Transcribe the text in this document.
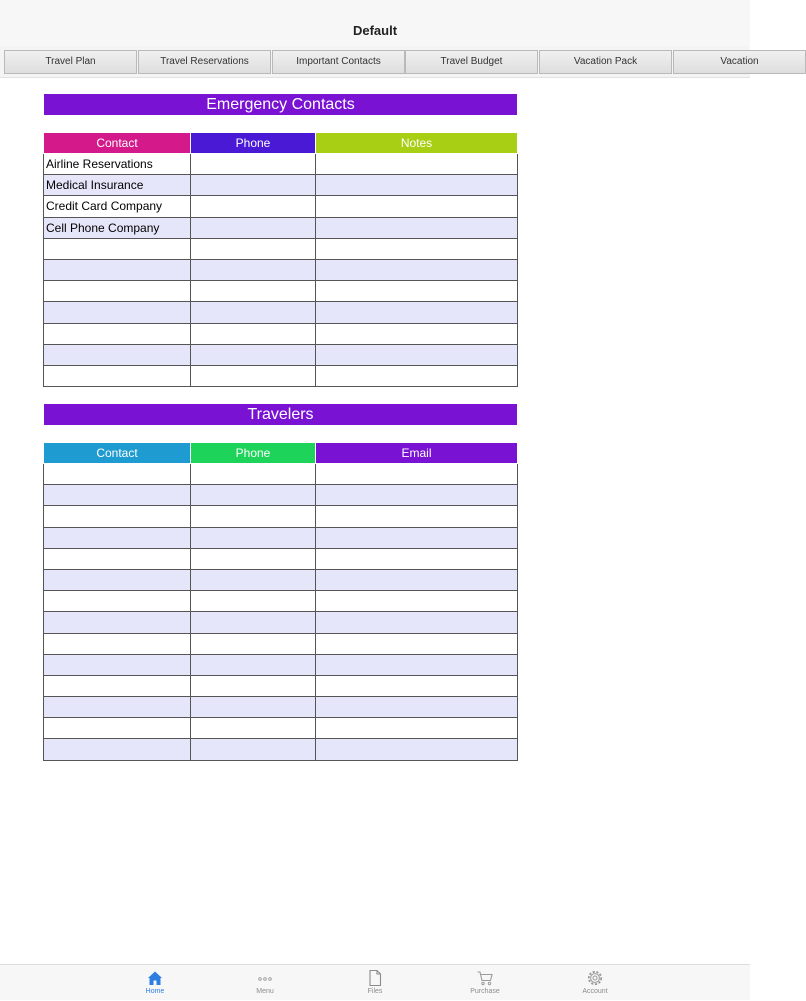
Default
Travel Plan	Travel Reservations	Important Contacts	Travel Budget	Vacation Pack	Vacation
Emergency Contacts
Contact	Phone	Notes
Airline Reservations		
Medical Insurance		
Credit Card Company		
Cell Phone Company		

Travelers
Contact	Phone	Email

Home	Menu	Files	Purchase	Account
